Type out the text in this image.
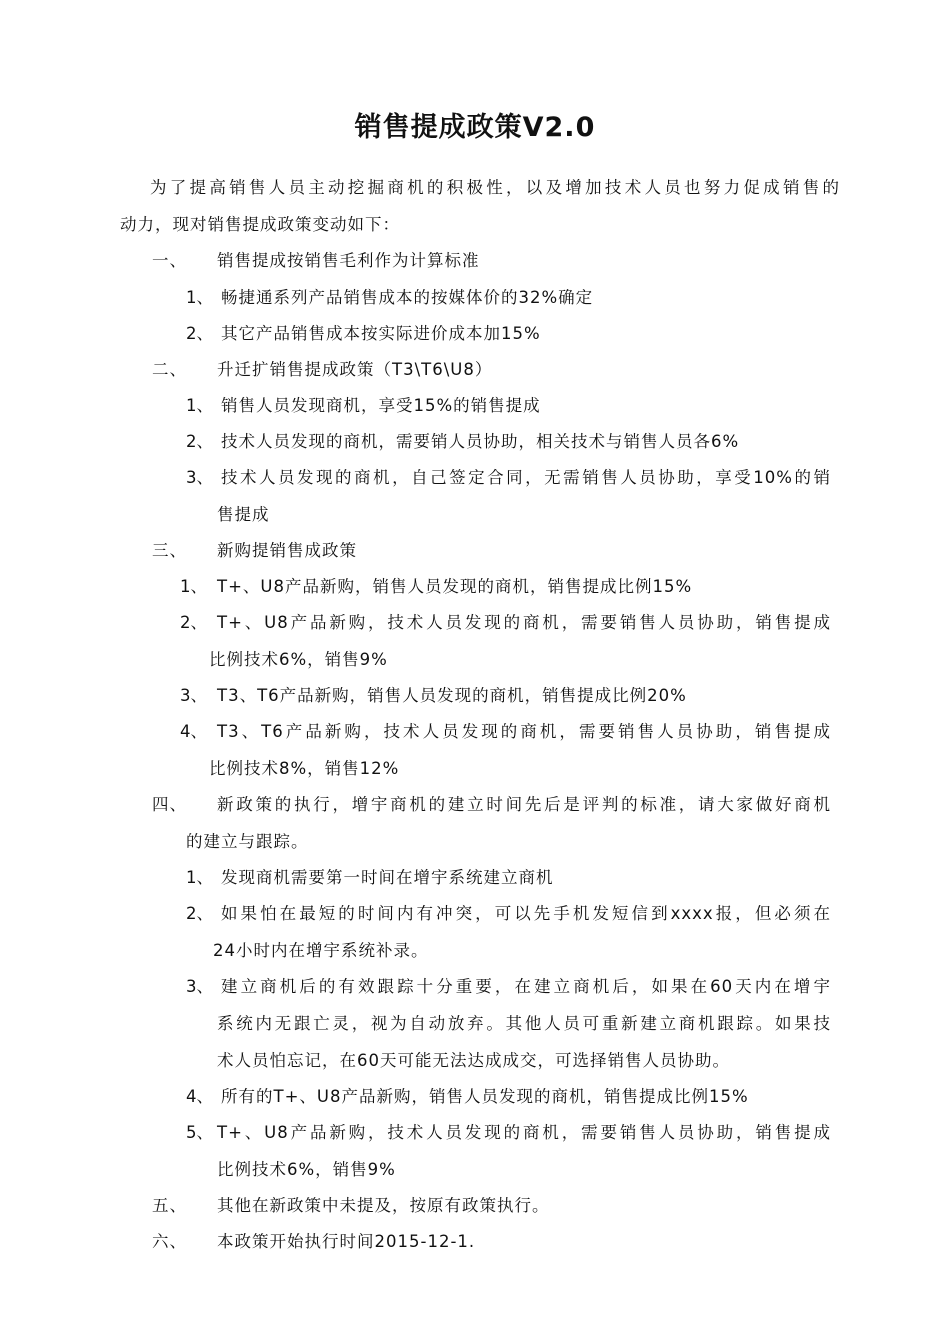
销售提成政策V2.0
为了提高销售人员主动挖掘商机的积极性，以及增加技术人员也努力促成销售的
动力，现对销售提成政策变动如下：
一、 销售提成按销售毛利作为计算标准
1、 畅捷通系列产品销售成本的按媒体价的32%确定
2、 其它产品销售成本按实际进价成本加15%
二、 升迁扩销售提成政策（T3\T6\U8）
1、 销售人员发现商机，享受15%的销售提成
2、 技术人员发现的商机，需要销人员协助，相关技术与销售人员各6%
3、 技术人员发现的商机，自己签定合同，无需销售人员协助，享受10%的销
售提成
三、 新购提销售成政策
1、 T+、U8产品新购，销售人员发现的商机，销售提成比例15%
2、 T+、U8产品新购，技术人员发现的商机，需要销售人员协助，销售提成
比例技术6%，销售9%
3、 T3、T6产品新购，销售人员发现的商机，销售提成比例20%
4、 T3、T6产品新购，技术人员发现的商机，需要销售人员协助，销售提成
比例技术8%，销售12%
四、 新政策的执行，增宇商机的建立时间先后是评判的标准，请大家做好商机
的建立与跟踪。
1、 发现商机需要第一时间在增宇系统建立商机
2、 如果怕在最短的时间内有冲突，可以先手机发短信到xxxx报，但必须在
24小时内在增宇系统补录。
3、 建立商机后的有效跟踪十分重要，在建立商机后，如果在60天内在增宇
系统内无跟亡灵，视为自动放弃。其他人员可重新建立商机跟踪。如果技
术人员怕忘记，在60天可能无法达成成交，可选择销售人员协助。
4、 所有的T+、U8产品新购，销售人员发现的商机，销售提成比例15%
5、 T+、U8产品新购，技术人员发现的商机，需要销售人员协助，销售提成
比例技术6%，销售9%
五、 其他在新政策中未提及，按原有政策执行。
六、 本政策开始执行时间2015-12-1.
